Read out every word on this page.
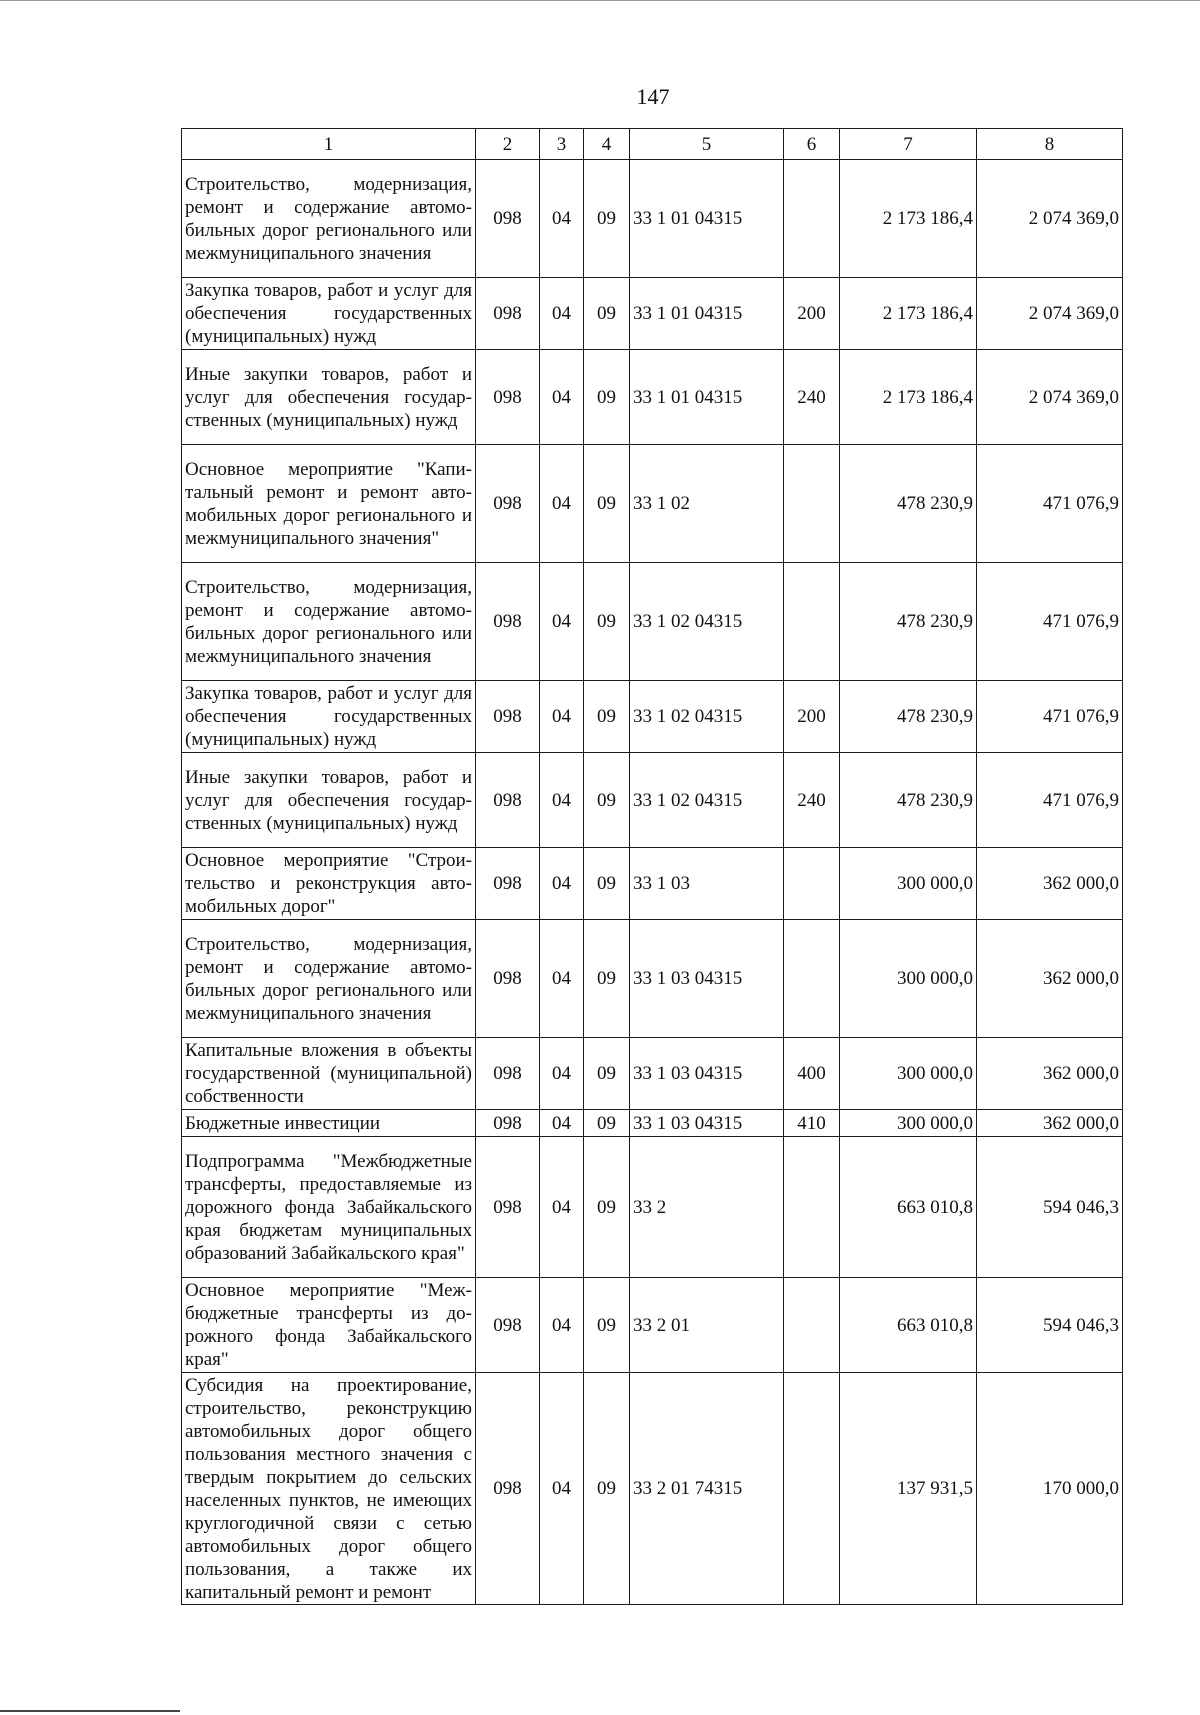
147
1	2	3	4	5	6	7	8
Строительство, модернизация, ремонт и содержание автомобильных дорог регионального или межмуниципального значения	098	04	09	33 1 01 04315		2 173 186,4	2 074 369,0
Закупка товаров, работ и услуг для обеспечения государственных (муниципальных) нужд	098	04	09	33 1 01 04315	200	2 173 186,4	2 074 369,0
Иные закупки товаров, работ и услуг для обеспечения государственных (муниципальных) нужд	098	04	09	33 1 01 04315	240	2 173 186,4	2 074 369,0
Основное мероприятие "Капитальный ремонт и ремонт автомобильных дорог регионального и межмуниципального значения"	098	04	09	33 1 02		478 230,9	471 076,9
Строительство, модернизация, ремонт и содержание автомобильных дорог регионального или межмуниципального значения	098	04	09	33 1 02 04315		478 230,9	471 076,9
Закупка товаров, работ и услуг для обеспечения государственных (муниципальных) нужд	098	04	09	33 1 02 04315	200	478 230,9	471 076,9
Иные закупки товаров, работ и услуг для обеспечения государственных (муниципальных) нужд	098	04	09	33 1 02 04315	240	478 230,9	471 076,9
Основное мероприятие "Строительство и реконструкция автомобильных дорог"	098	04	09	33 1 03		300 000,0	362 000,0
Строительство, модернизация, ремонт и содержание автомобильных дорог регионального или межмуниципального значения	098	04	09	33 1 03 04315		300 000,0	362 000,0
Капитальные вложения в объекты государственной (муниципальной) собственности	098	04	09	33 1 03 04315	400	300 000,0	362 000,0
Бюджетные инвестиции	098	04	09	33 1 03 04315	410	300 000,0	362 000,0
Подпрограмма "Межбюджетные трансферты, предоставляемые из дорожного фонда Забайкальского края бюджетам муниципальных образований Забайкальского края"	098	04	09	33 2		663 010,8	594 046,3
Основное мероприятие "Межбюджетные трансферты из дорожного фонда Забайкальского края"	098	04	09	33 2 01		663 010,8	594 046,3
Субсидия на проектирование, строительство, реконструкцию автомобильных дорог общего пользования местного значения с твердым покрытием до сельских населенных пунктов, не имеющих круглогодичной связи с сетью автомобильных дорог общего пользования, а также их капитальный ремонт и ремонт	098	04	09	33 2 01 74315		137 931,5	170 000,0
